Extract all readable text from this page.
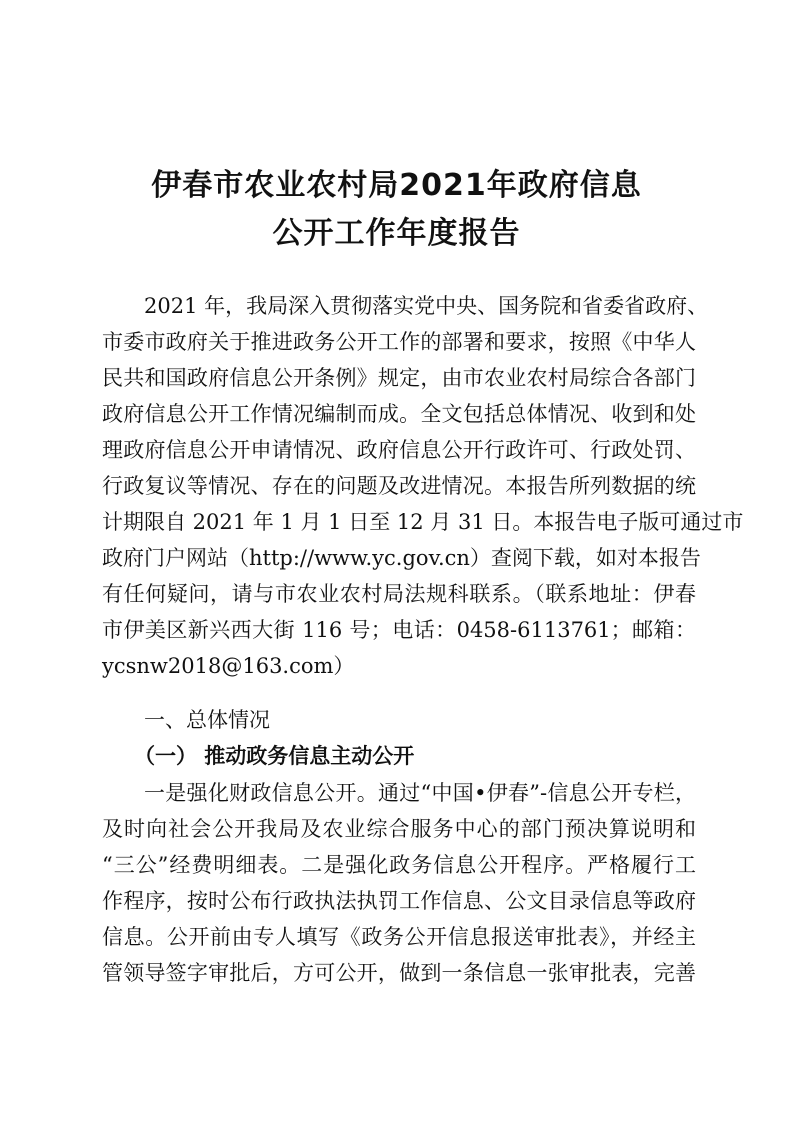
伊春市农业农村局2021年政府信息
公开工作年度报告
2021 年，我局深入贯彻落实党中央、国务院和省委省政府、
市委市政府关于推进政务公开工作的部署和要求，按照《中华人
民共和国政府信息公开条例》规定，由市农业农村局综合各部门
政府信息公开工作情况编制而成。全文包括总体情况、收到和处
理政府信息公开申请情况、政府信息公开行政许可、行政处罚、
行政复议等情况、存在的问题及改进情况。本报告所列数据的统
计期限自 2021 年 1 月 1 日至 12 月 31 日。本报告电子版可通过市
政府门户网站（http://www.yc.gov.cn）查阅下载，如对本报告
有任何疑问，请与市农业农村局法规科联系。（联系地址：伊春
市伊美区新兴西大街 116 号；电话：0458-6113761；邮箱：
ycsnw2018@163.com）
一、总体情况
（一） 推动政务信息主动公开
一是强化财政信息公开。通过“中国•伊春”-信息公开专栏，
及时向社会公开我局及农业综合服务中心的部门预决算说明和
“三公”经费明细表。二是强化政务信息公开程序。严格履行工
作程序，按时公布行政执法执罚工作信息、公文目录信息等政府
信息。公开前由专人填写《政务公开信息报送审批表》，并经主
管领导签字审批后，方可公开，做到一条信息一张审批表，完善
